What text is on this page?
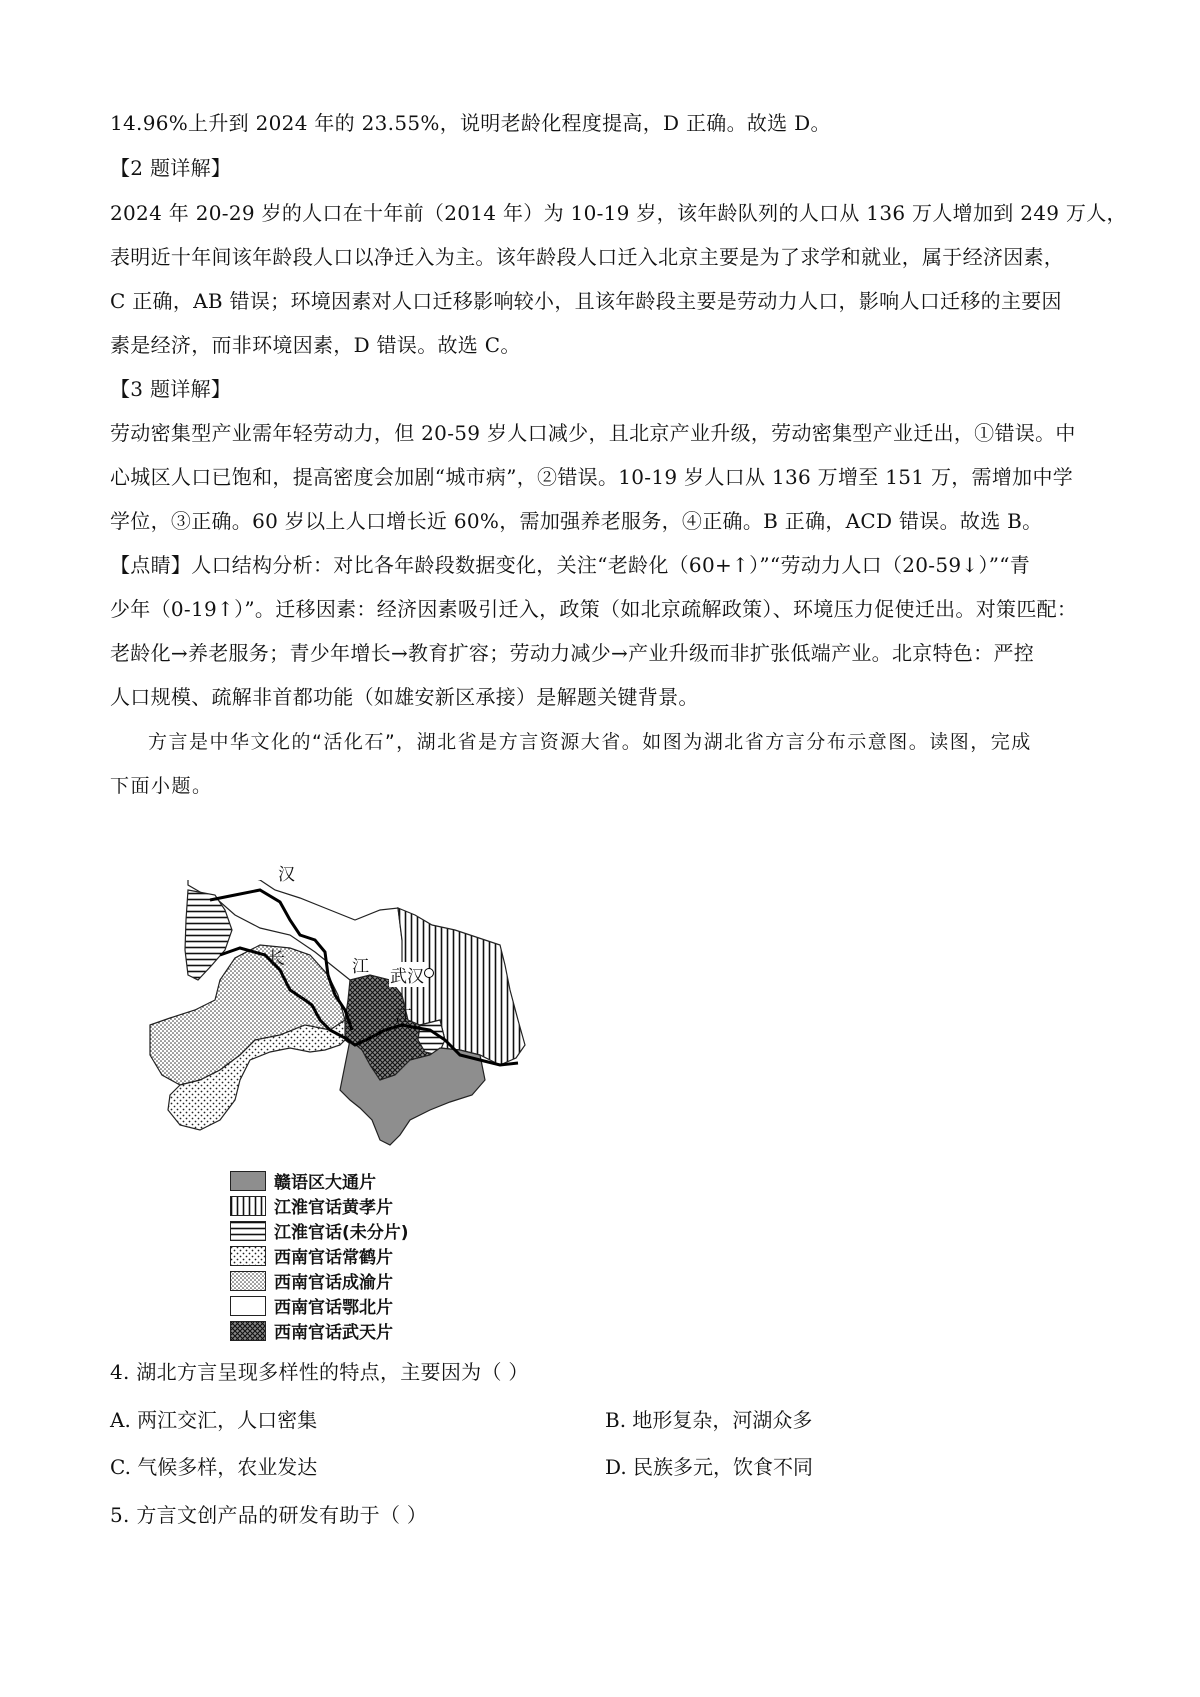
14.96%上升到 2024 年的 23.55%，说明老龄化程度提高，D 正确。故选 D。
【2 题详解】
2024 年 20-29 岁的人口在十年前（2014 年）为 10-19 岁，该年龄队列的人口从 136 万人增加到 249 万人，
表明近十年间该年龄段人口以净迁入为主。该年龄段人口迁入北京主要是为了求学和就业，属于经济因素，
C 正确，AB 错误；环境因素对人口迁移影响较小，且该年龄段主要是劳动力人口，影响人口迁移的主要因
素是经济，而非环境因素，D 错误。故选 C。
【3 题详解】
劳动密集型产业需年轻劳动力，但 20-59 岁人口减少，且北京产业升级，劳动密集型产业迁出，①错误。中
心城区人口已饱和，提高密度会加剧“城市病”，②错误。10-19 岁人口从 136 万增至 151 万，需增加中学
学位，③正确。60 岁以上人口增长近 60%，需加强养老服务，④正确。B 正确，ACD 错误。故选 B。
【点睛】人口结构分析：对比各年龄段数据变化，关注“老龄化（60+↑）”“劳动力人口（20-59↓）”“青
少年（0-19↑）”。迁移因素：经济因素吸引迁入，政策（如北京疏解政策）、环境压力促使迁出。对策匹配：
老龄化→养老服务；青少年增长→教育扩容；劳动力减少→产业升级而非扩张低端产业。北京特色：严控
人口规模、疏解非首都功能（如雄安新区承接）是解题关键背景。
方言是中华文化的“活化石”，湖北省是方言资源大省。如图为湖北省方言分布示意图。读图，完成
下面小题。
汉
长	江
江
武汉
赣语区大通片
江淮官话黄孝片
江淮官话(未分片)
西南官话常鹤片
西南官话成渝片
西南官话鄂北片
西南官话武天片
4. 湖北方言呈现多样性的特点，主要因为（ ）
A. 两江交汇，人口密集	B. 地形复杂，河湖众多
C. 气候多样，农业发达	D. 民族多元，饮食不同
5. 方言文创产品的研发有助于（ ）
